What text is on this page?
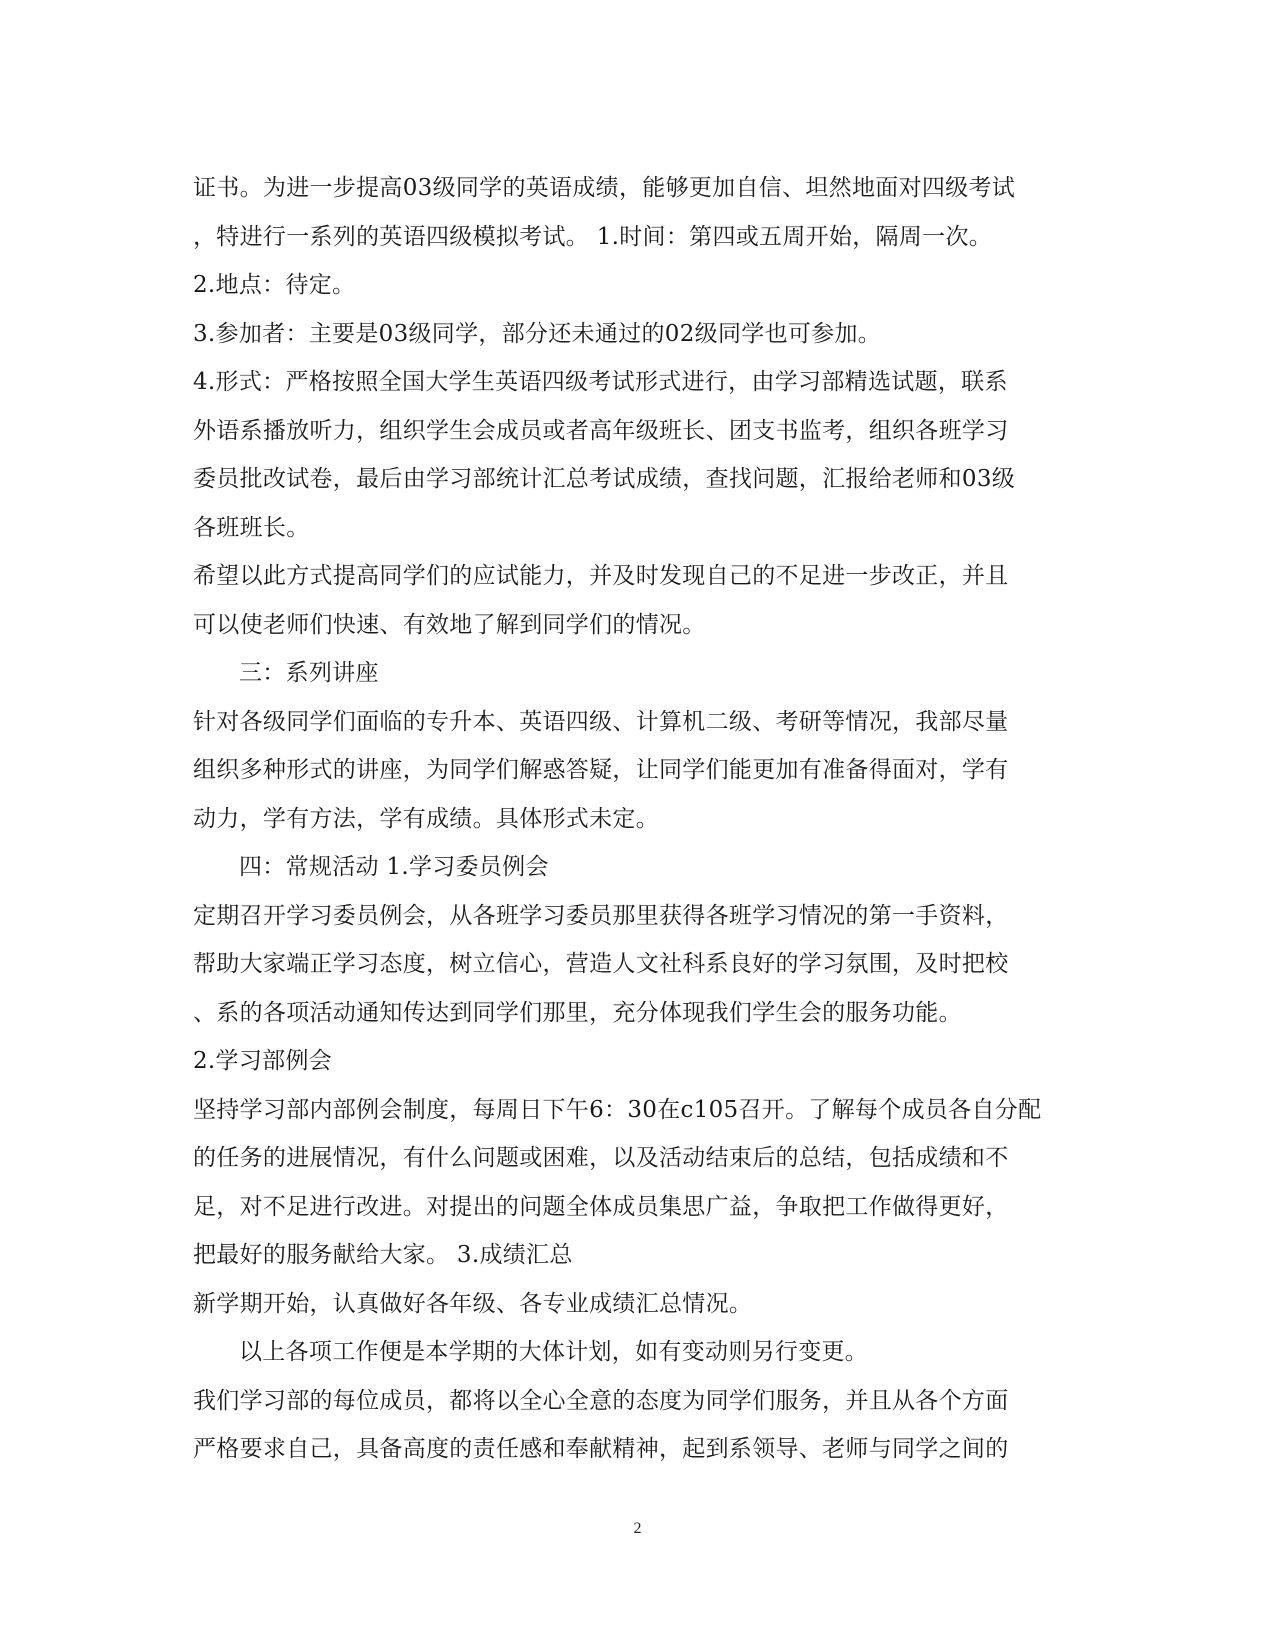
证书。为进一步提高03级同学的英语成绩，能够更加自信、坦然地面对四级考试
，特进行一系列的英语四级模拟考试。 1.时间：第四或五周开始，隔周一次。
2.地点：待定。
3.参加者：主要是03级同学，部分还未通过的02级同学也可参加。
4.形式：严格按照全国大学生英语四级考试形式进行，由学习部精选试题，联系
外语系播放听力，组织学生会成员或者高年级班长、团支书监考，组织各班学习
委员批改试卷，最后由学习部统计汇总考试成绩，查找问题，汇报给老师和03级
各班班长。
希望以此方式提高同学们的应试能力，并及时发现自己的不足进一步改正，并且
可以使老师们快速、有效地了解到同学们的情况。
三：系列讲座
针对各级同学们面临的专升本、英语四级、计算机二级、考研等情况，我部尽量
组织多种形式的讲座，为同学们解惑答疑，让同学们能更加有准备得面对，学有
动力，学有方法，学有成绩。具体形式未定。
四：常规活动 1.学习委员例会
定期召开学习委员例会，从各班学习委员那里获得各班学习情况的第一手资料，
帮助大家端正学习态度，树立信心，营造人文社科系良好的学习氛围，及时把校
、系的各项活动通知传达到同学们那里，充分体现我们学生会的服务功能。
2.学习部例会
坚持学习部内部例会制度，每周日下午6：30在c105召开。了解每个成员各自分配
的任务的进展情况，有什么问题或困难，以及活动结束后的总结，包括成绩和不
足，对不足进行改进。对提出的问题全体成员集思广益，争取把工作做得更好，
把最好的服务献给大家。 3.成绩汇总
新学期开始，认真做好各年级、各专业成绩汇总情况。
以上各项工作便是本学期的大体计划，如有变动则另行变更。
我们学习部的每位成员，都将以全心全意的态度为同学们服务，并且从各个方面
严格要求自己，具备高度的责任感和奉献精神，起到系领导、老师与同学之间的
2
